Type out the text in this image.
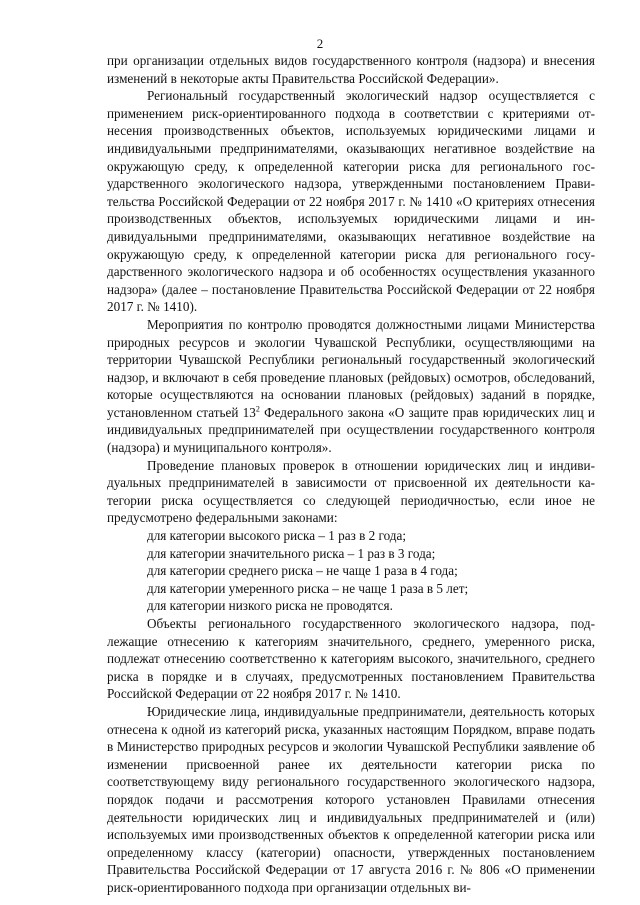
2

при организации отдельных видов государственного контроля (надзора) и внесения изменений в некоторые акты Правительства Российской Федерации».

Региональный государственный экологический надзор осуществляется с применением риск-ориентированного подхода в соответствии с критериями отнесения производственных объектов, используемых юридическими лицами и индивидуальными предпринимателями, оказывающих негативное воздействие на окружающую среду, к определенной категории риска для регионального государственного экологического надзора, утвержденными постановлением Правительства Российской Федерации от 22 ноября 2017 г. № 1410 «О критериях отнесения производственных объектов, используемых юридическими лицами и индивидуальными предпринимателями, оказывающих негативное воздействие на окружающую среду, к определенной категории риска для регионального государственного экологического надзора и об особенностях осуществления указанного надзора» (далее – постановление Правительства Российской Федерации от 22 ноября 2017 г. № 1410).

Мероприятия по контролю проводятся должностными лицами Министерства природных ресурсов и экологии Чувашской Республики, осуществляющими на территории Чувашской Республики региональный государственный экологический надзор, и включают в себя проведение плановых (рейдовых) осмотров, обследований, которые осуществляются на основании плановых (рейдовых) заданий в порядке, установленном статьей $13^2$ Федерального закона «О защите прав юридических лиц и индивидуальных предпринимателей при осуществлении государственного контроля (надзора) и муниципального контроля».

Проведение плановых проверок в отношении юридических лиц и индивидуальных предпринимателей в зависимости от присвоенной их деятельности категории риска осуществляется со следующей периодичностью, если иное не предусмотрено федеральными законами:

для категории высокого риска – 1 раз в 2 года;

для категории значительного риска – 1 раз в 3 года;

для категории среднего риска – не чаще 1 раза в 4 года;

для категории умеренного риска – не чаще 1 раза в 5 лет;

для категории низкого риска не проводятся.

Объекты регионального государственного экологического надзора, подлежащие отнесению к категориям значительного, среднего, умеренного риска, подлежат отнесению соответственно к категориям высокого, значительного, среднего риска в порядке и в случаях, предусмотренных постановлением Правительства Российской Федерации от 22 ноября 2017 г. № 1410.

Юридические лица, индивидуальные предприниматели, деятельность которых отнесена к одной из категорий риска, указанных настоящим Порядком, вправе подать в Министерство природных ресурсов и экологии Чувашской Республики заявление об изменении присвоенной ранее их деятельности категории риска по соответствующему виду регионального государственного экологического надзора, порядок подачи и рассмотрения которого установлен Правилами отнесения деятельности юридических лиц и индивидуальных предпринимателей и (или) используемых ими производственных объектов к определенной категории риска или определенному классу (категории) опасности, утвержденных постановлением Правительства Российской Федерации от 17 августа 2016 г. № 806 «О применении риск-ориентированного подхода при организации отдельных ви-
